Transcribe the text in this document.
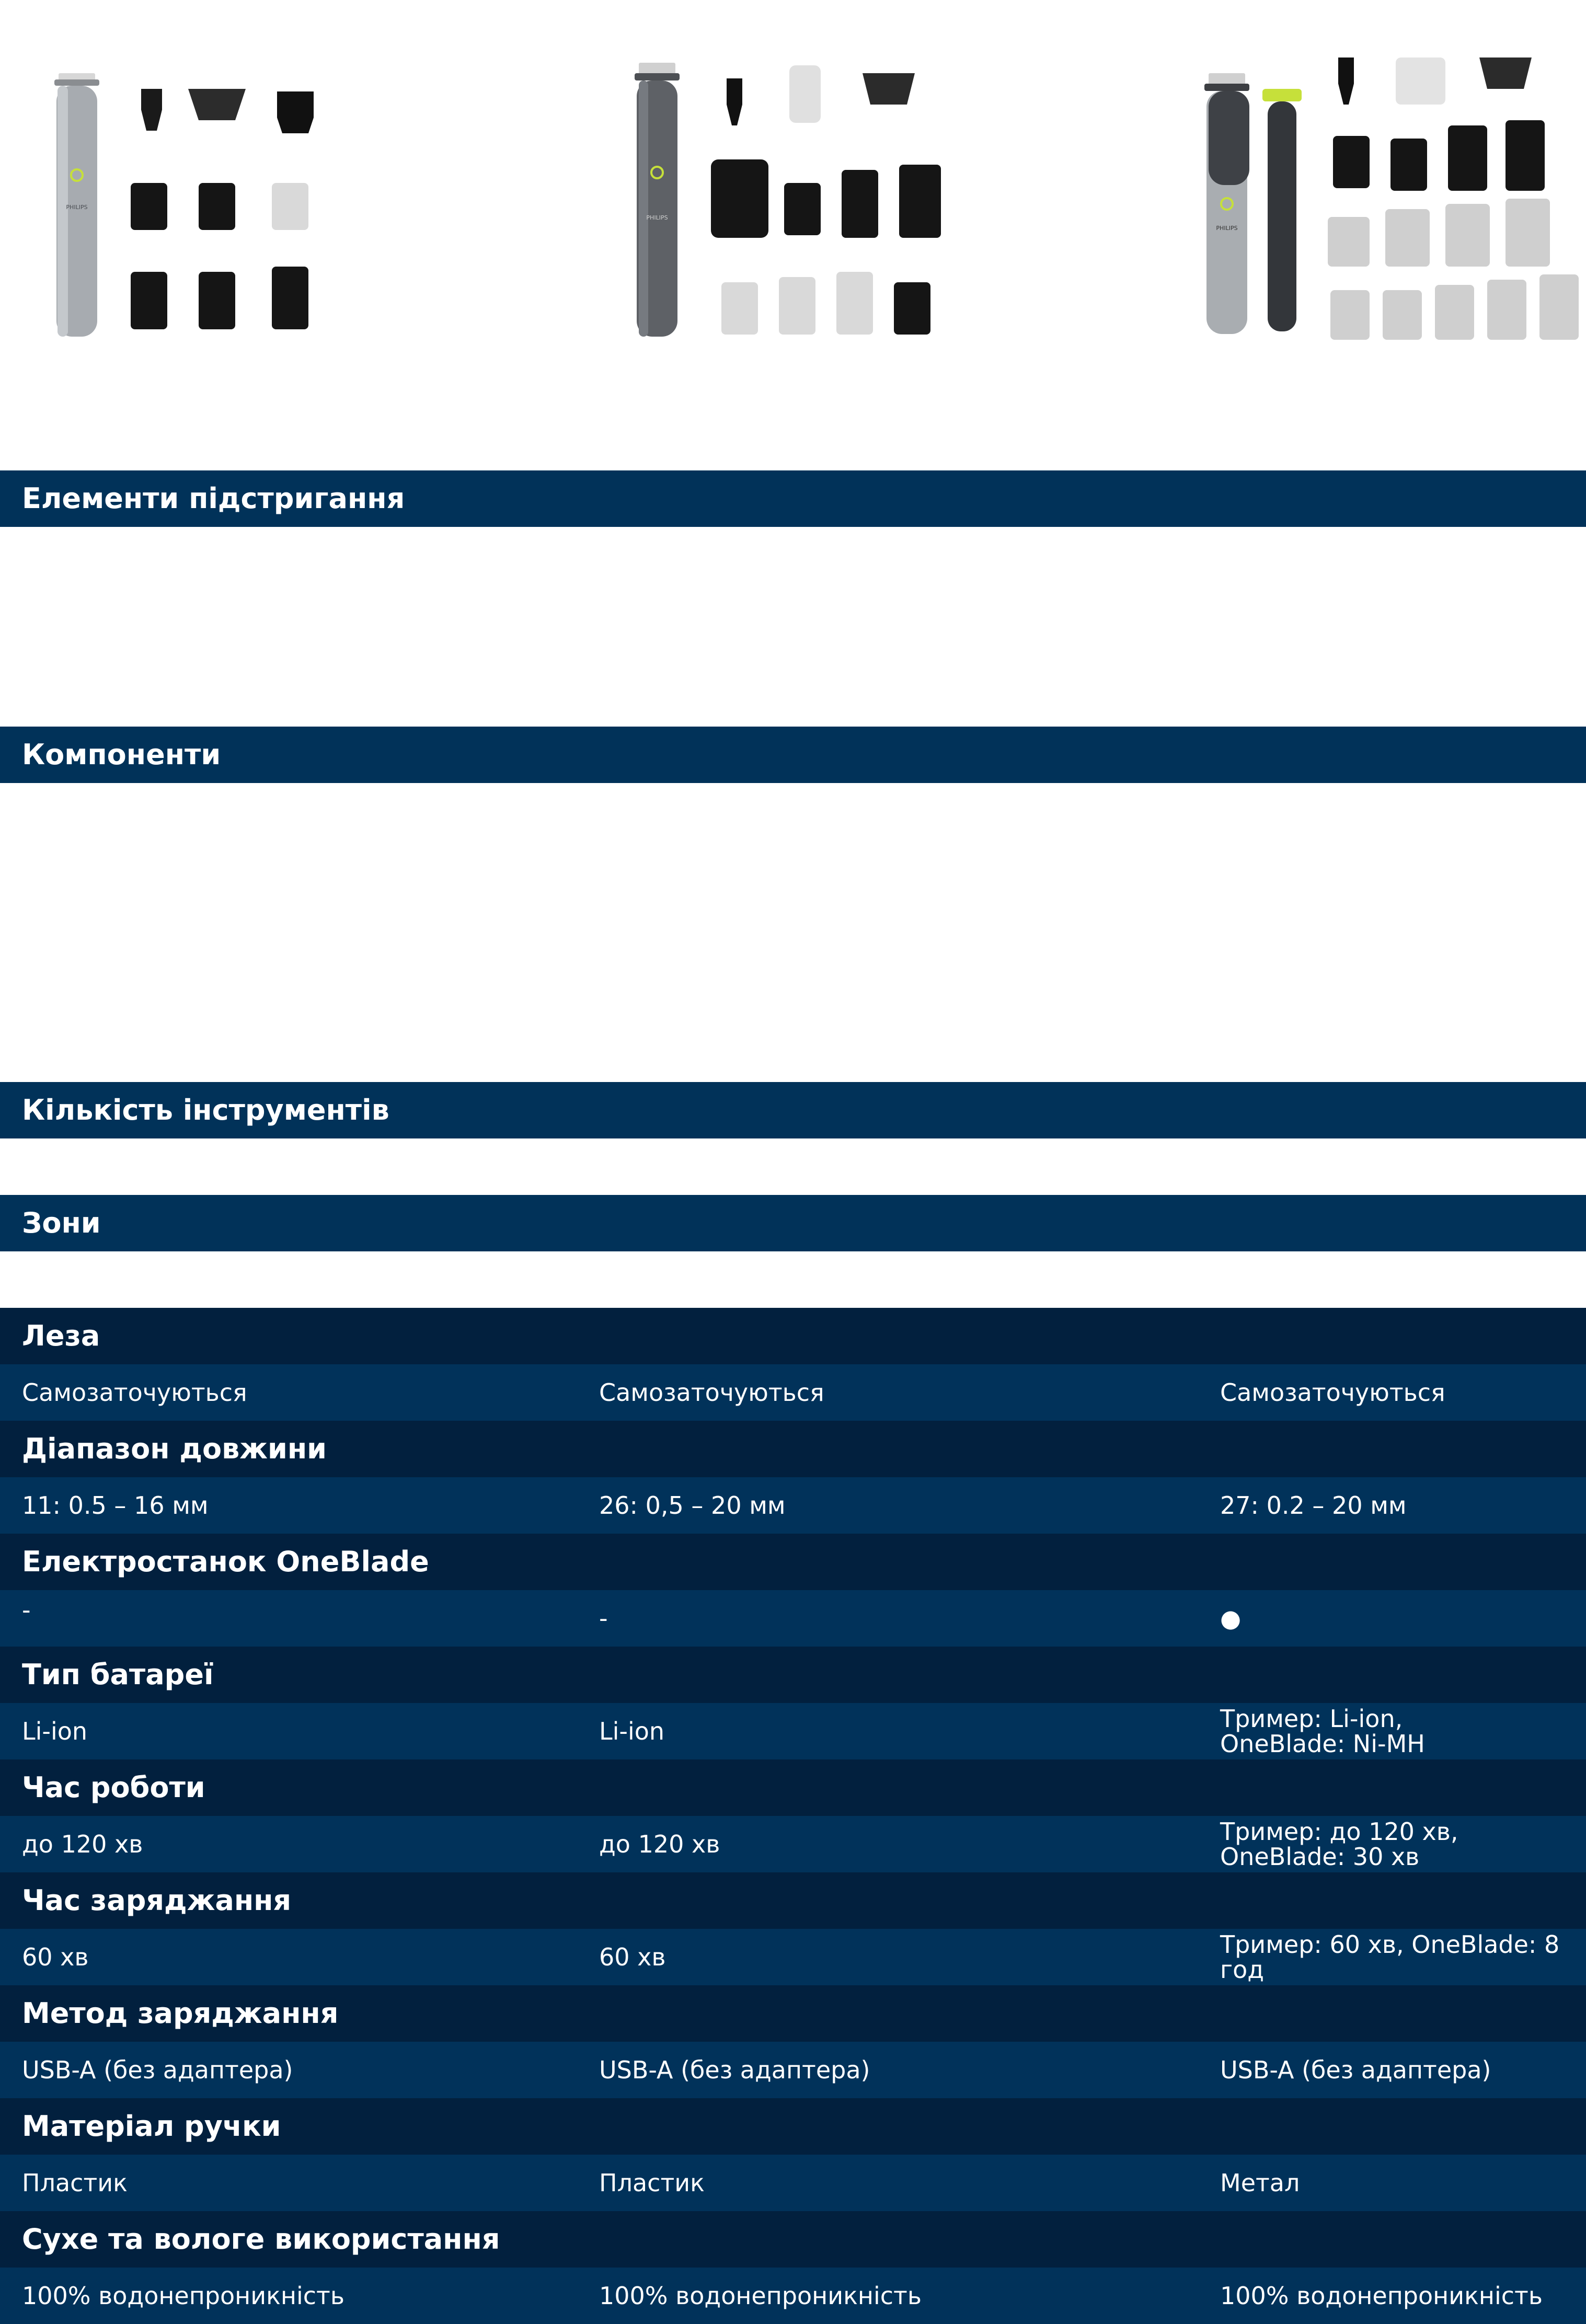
PHILIPS
PHILIPS
PHILIPS
Елементи підстригання
Компоненти
Кількість інструментів
Зони
Леза
Самозаточуються	Самозаточуються	Самозаточуються
Діапазон довжини
11: 0.5 – 16 мм	26: 0,5 – 20 мм	27: 0.2 – 20 мм
Електростанок OneBlade
-	-	●
Тип батареї
Li-ion	Li-ion	Тример: Li-ion,
OneBlade: Ni-MH
Час роботи
до 120 хв	до 120 хв	Тример: до 120 хв,
OneBlade: 30 хв
Час заряджання
60 хв	60 хв	Тример: 60 хв, OneBlade: 8 год
Метод заряджання
USB-A (без адаптера)	USB-A (без адаптера)	USB-A (без адаптера)
Матеріал ручки
Пластик	Пластик	Метал
Сухе та вологе використання
100% водонепроникність	100% водонепроникність	100% водонепроникність
